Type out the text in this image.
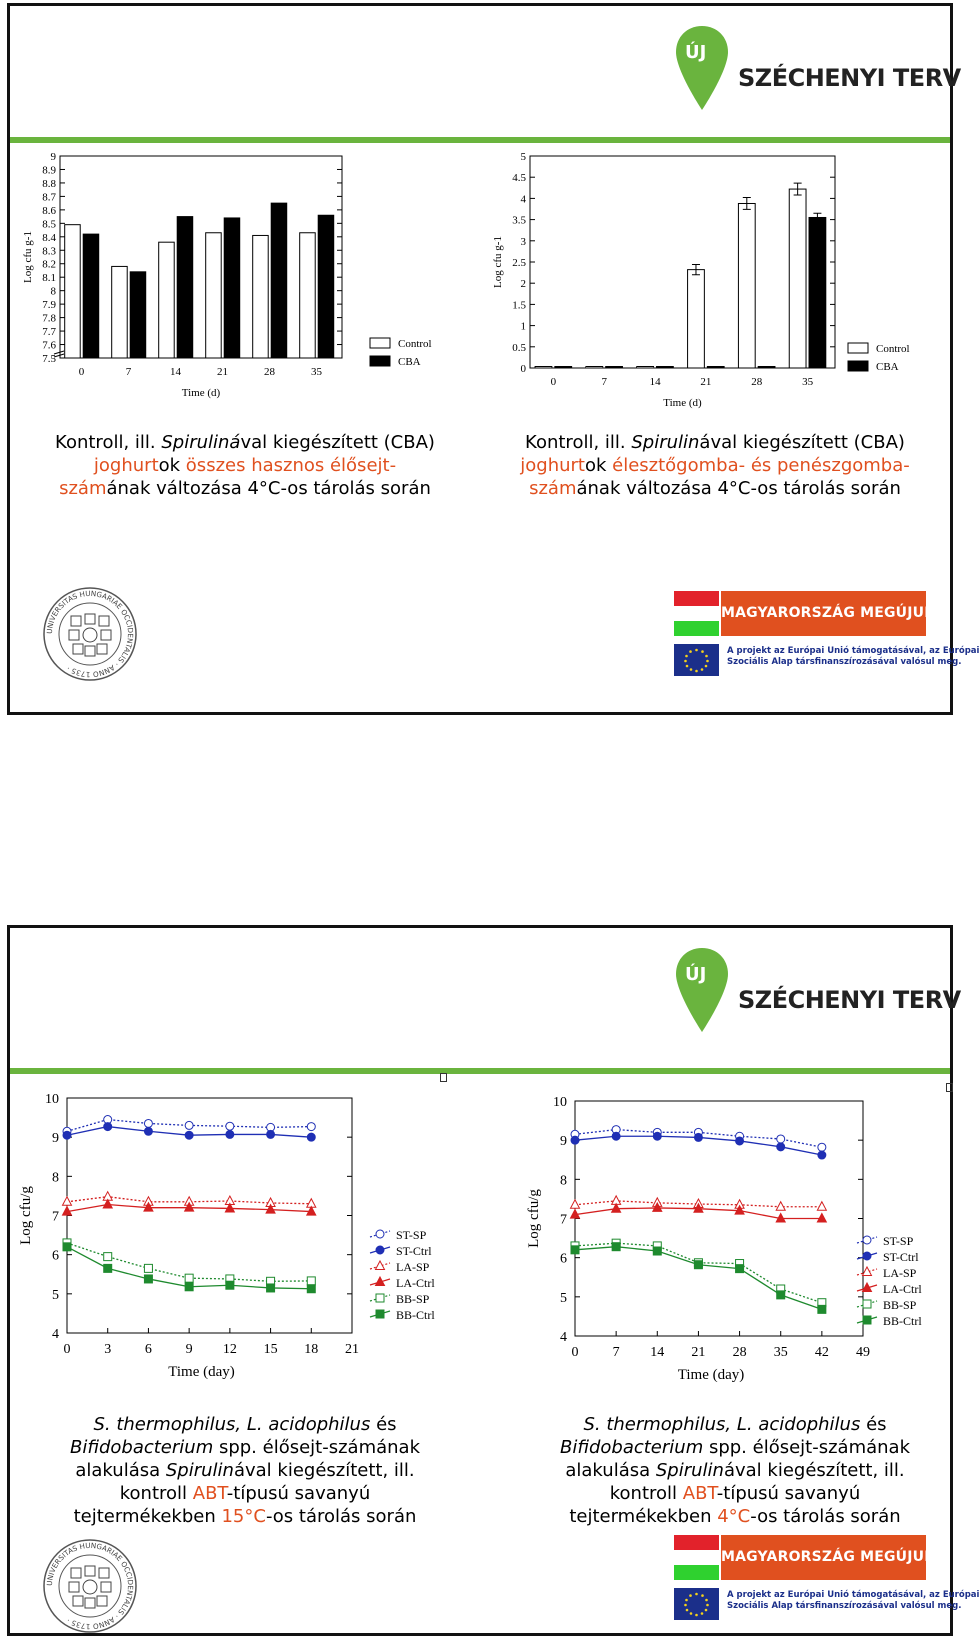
ÚJ
SZÉCHENYI TERV
7.5
7.6
7.7
7.8
7.9
8
8.1
8.2
8.3
8.4
8.5
8.6
8.7
8.8
8.9
9
0	7	14	21	28	35
Time (d)
Log cfu g-1
Control
CBA
0
0.5
1
1.5
2
2.5
3
3.5
4
4.5
5
0	7	14	21	28	35
Time (d)
Log cfu g-1
Control
CBA
Kontroll, ill. Spirulinával kiegészített (CBA)
joghurtok összes hasznos élősejt-
számának változása 4°C-os tárolás során
Kontroll, ill. Spirulinával kiegészített (CBA)
joghurtok élesztőgomba- és penészgomba-
számának változása 4°C-os tárolás során
UNIVERSITAS HUNGARIAE OCCIDENTALIS · ANNO 1735 ·
MAGYARORSZÁG MEGÚJUL
A projekt az Európai Unió támogatásával, az Európai
Szociális Alap társfinanszírozásával valósul meg.
ÚJ
SZÉCHENYI TERV
4
5
6
7
8
9
10
0 3 6 9 12 15 18 21
Time (day)
Log cfu/g	ST-SP
ST-Ctrl
LA-SP
LA-Ctrl
BB-SP
BB-Ctrl
4
5
6
7
8
9
10
0 7 14 21 28 35 42 49
Time (day)
Log cfu/g	ST-SP
ST-Ctrl
LA-SP
LA-Ctrl
BB-SP
BB-Ctrl
S. thermophilus, L. acidophilus és
Bifidobacterium spp. élősejt-számának
alakulása Spirulinával kiegészített, ill.
kontroll ABT-típusú savanyú
tejtermékekben 15°C-os tárolás során
S. thermophilus, L. acidophilus és
Bifidobacterium spp. élősejt-számának
alakulása Spirulinával kiegészített, ill.
kontroll ABT-típusú savanyú
tejtermékekben 4°C-os tárolás során
UNIVERSITAS HUNGARIAE OCCIDENTALIS · ANNO 1735 ·
MAGYARORSZÁG MEGÚJUL
A projekt az Európai Unió támogatásával, az Európai
Szociális Alap társfinanszírozásával valósul meg.
